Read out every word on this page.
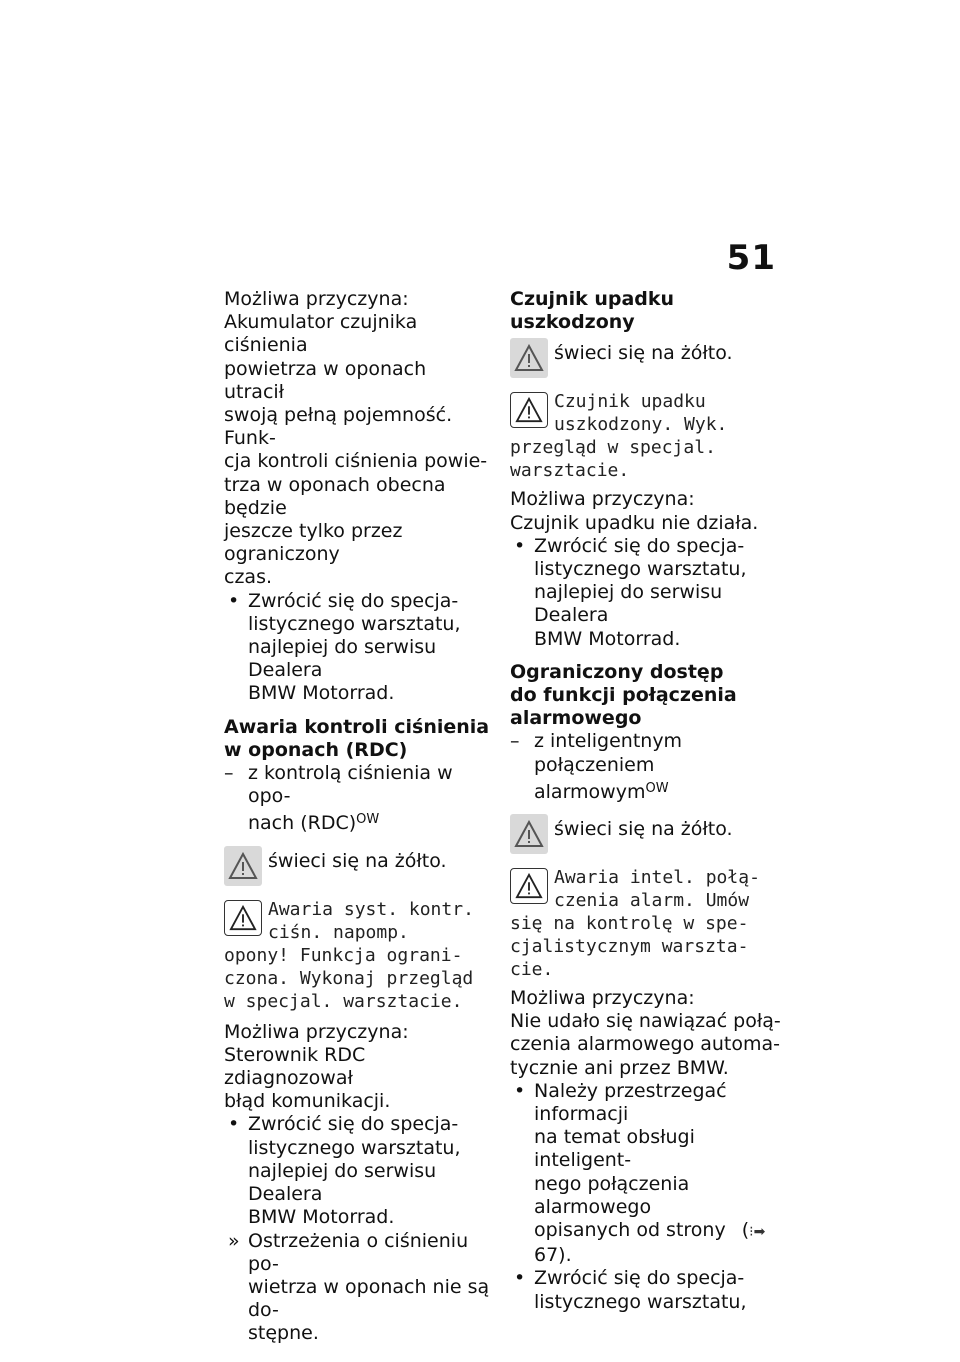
51

Możliwa przyczyna:

Akumulator czujnika ciśnienia
powietrza w oponach utracił
swoją pełną pojemność. Funk-
cja kontroli ciśnienia powie-
trza w oponach obecna będzie
jeszcze tylko przez ograniczony
czas.

• Zwrócić się do specja-
listycznego warsztatu,
najlepiej do serwisu Dealera
BMW Motorrad.

Awaria kontroli ciśnienia
w oponach (RDC)

– z kontrolą ciśnienia w opo-
nach (RDC)$^{OW}$

świeci się na żółto.
Awaria syst. kontr.
ciśn. napomp.
opony! Funkcja ograni-
czona. Wykonaj przegląd
w specjal. warsztacie.

Możliwa przyczyna:

Sterownik RDC zdiagnozował
błąd komunikacji.

• Zwrócić się do specja-
listycznego warsztatu,
najlepiej do serwisu Dealera
BMW Motorrad.

» Ostrzeżenia o ciśnieniu po-
wietrza w oponach nie są do-
stępne.

Czujnik upadku uszkodzony

świeci się na żółto.
Czujnik upadku
uszkodzony. Wyk.
przegląd w specjal.
warsztacie.

Możliwa przyczyna:

Czujnik upadku nie działa.

• Zwrócić się do specja-
listycznego warsztatu,
najlepiej do serwisu Dealera
BMW Motorrad.

Ograniczony dostęp
do funkcji połączenia
alarmowego

– z inteligentnym połączeniem
alarmowym$^{OW}$

świeci się na żółto.
Awaria intel. połą-
czenia alarm. Umów
się na kontrolę w spe-
cjalistycznym warszta-
cie.

Możliwa przyczyna:

Nie udało się nawiązać połą-
czenia alarmowego automa-
tycznie ani przez BMW.

• Należy przestrzegać informacji
na temat obsługi inteligent-
nego połączenia alarmowego
opisanych od strony (⁝➡ 67).

• Zwrócić się do specja-
listycznego warsztatu,
